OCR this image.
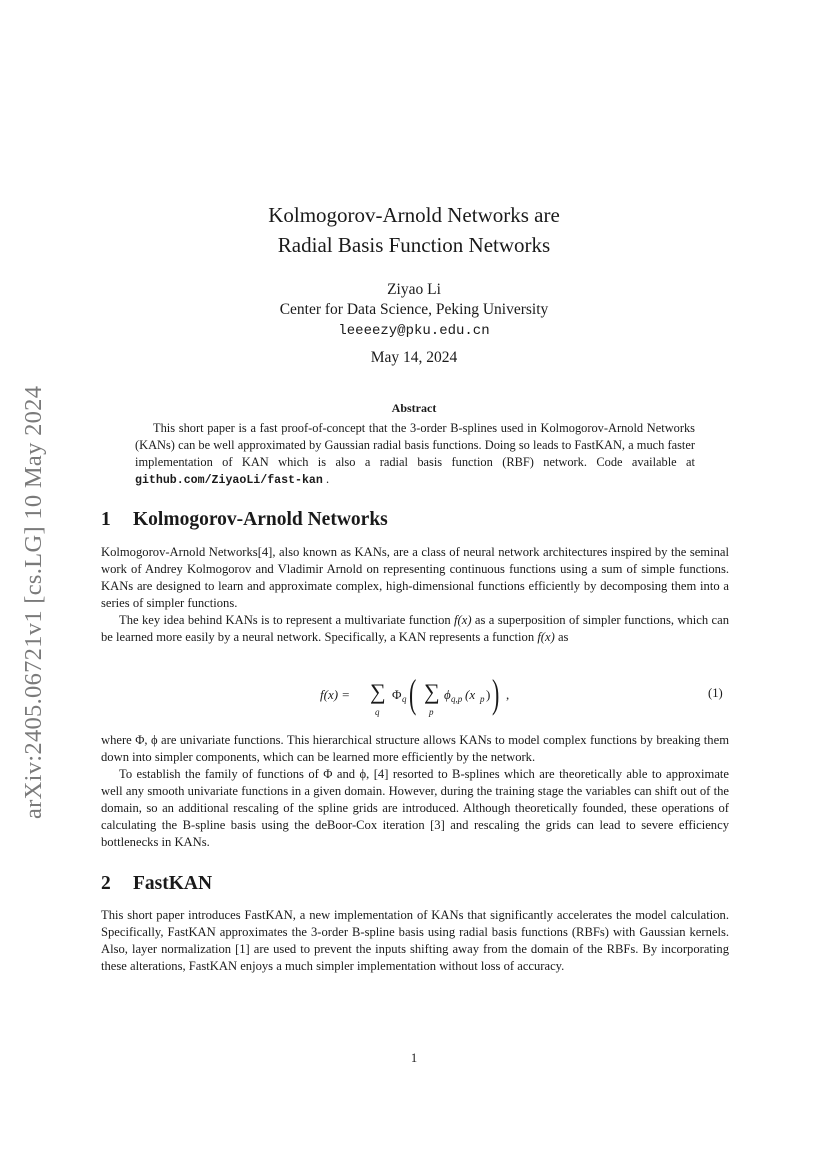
arXiv:2405.06721v1 [cs.LG] 10 May 2024
Kolmogorov-Arnold Networks are
Radial Basis Function Networks
Ziyao Li
Center for Data Science, Peking University
leeeezy@pku.edu.cn
May 14, 2024
Abstract

This short paper is a fast proof-of-concept that the 3-order B-splines used in Kolmogorov-Arnold Networks (KANs) can be well approximated by Gaussian radial basis functions. Doing so leads to FastKAN, a much faster implementation of KAN which is also a radial basis function (RBF) network. Code available at github.com/ZiyaoLi/fast-kan .

1 Kolmogorov-Arnold Networks

Kolmogorov-Arnold Networks[4], also known as KANs, are a class of neural network architectures inspired by the seminal work of Andrey Kolmogorov and Vladimir Arnold on representing continuous functions using a sum of simple functions. KANs are designed to learn and approximate complex, high-dimensional functions efficiently by decomposing them into a series of simpler functions.

The key idea behind KANs is to represent a multivariate function f(x) as a superposition of simpler functions, which can be learned more easily by a neural network. Specifically, a KAN represents a function f(x) as

f(x) = ∑
q
Φ q ( ∑
p
ϕ q,p (x p ) ) ,	(1)

where Φ, ϕ are univariate functions. This hierarchical structure allows KANs to model complex functions by breaking them down into simpler components, which can be learned more efficiently by the network.

To establish the family of functions of Φ and ϕ, [4] resorted to B-splines which are theoretically able to approximate well any smooth univariate functions in a given domain. However, during the training stage the variables can shift out of the domain, so an additional rescaling of the spline grids are introduced. Although theoretically founded, these operations of calculating the B-spline basis using the deBoor-Cox iteration [3] and rescaling the grids can lead to severe efficiency bottlenecks in KANs.

2 FastKAN

This short paper introduces FastKAN, a new implementation of KANs that significantly accelerates the model calculation. Specifically, FastKAN approximates the 3-order B-spline basis using radial basis functions (RBFs) with Gaussian kernels. Also, layer normalization [1] are used to prevent the inputs shifting away from the domain of the RBFs. By incorporating these alterations, FastKAN enjoys a much simpler implementation without loss of accuracy.

1
